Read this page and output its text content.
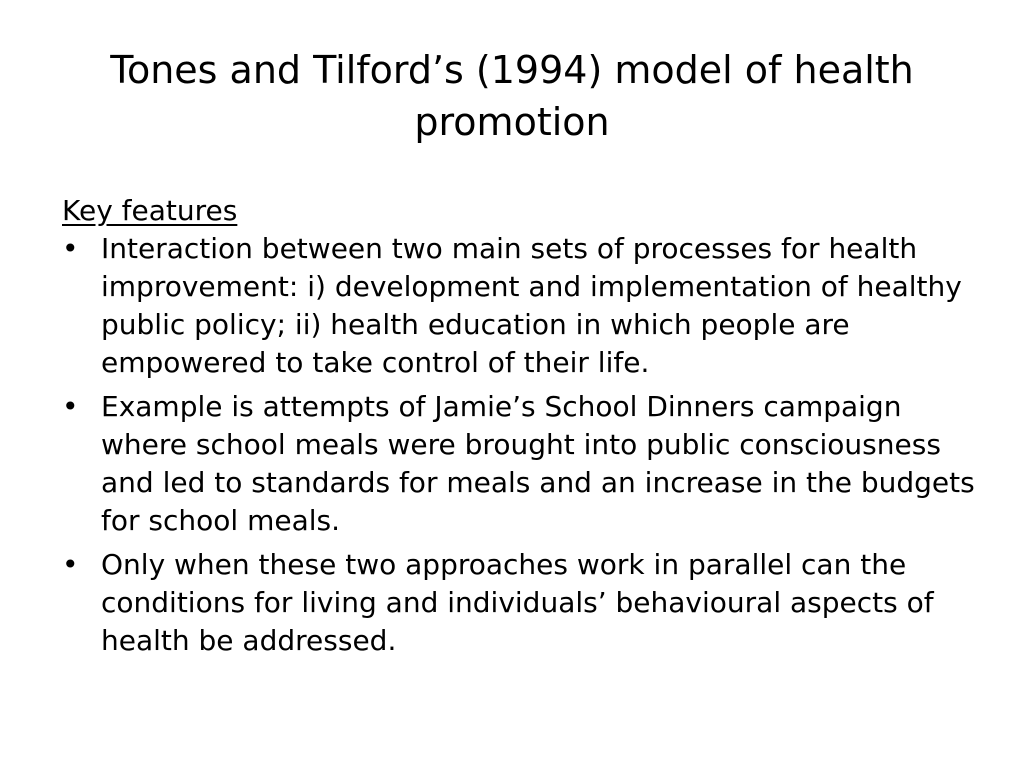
Tones and Tilford’s (1994) model of health promotion
Key features
• Interaction between two main sets of processes for health improvement: i) development and implementation of healthy public policy; ii) health education in which people are empowered to take control of their life.
• Example is attempts of Jamie’s School Dinners campaign where school meals were brought into public consciousness and led to standards for meals and an increase in the budgets for school meals.
• Only when these two approaches work in parallel can the conditions for living and individuals’ behavioural aspects of health be addressed.
